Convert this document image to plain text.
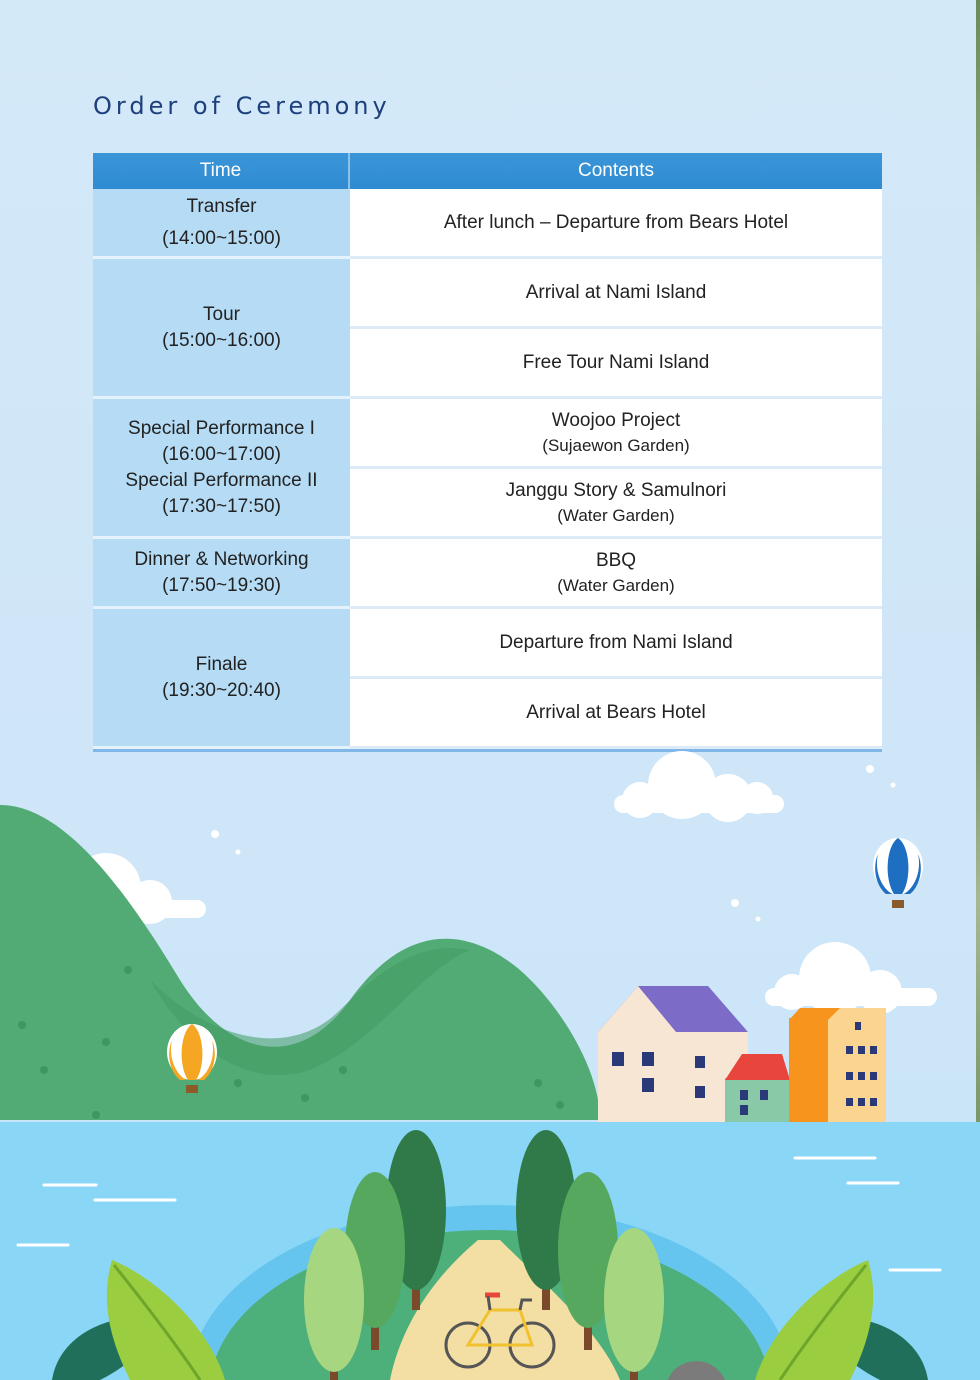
Order of Ceremony
Time	Contents
Transfer
(14:00~15:00)
Tour
(15:00~16:00)
Special Performance I
(16:00~17:00)
Special Performance II
(17:30~17:50)
Dinner & Networking
(17:50~19:30)
Finale
(19:30~20:40)
After lunch – Departure from Bears Hotel
Arrival at Nami Island
Free Tour Nami Island
Woojoo Project
(Sujaewon Garden)
Janggu Story & Samulnori
(Water Garden)
BBQ
(Water Garden)
Departure from Nami Island
Arrival at Bears Hotel
